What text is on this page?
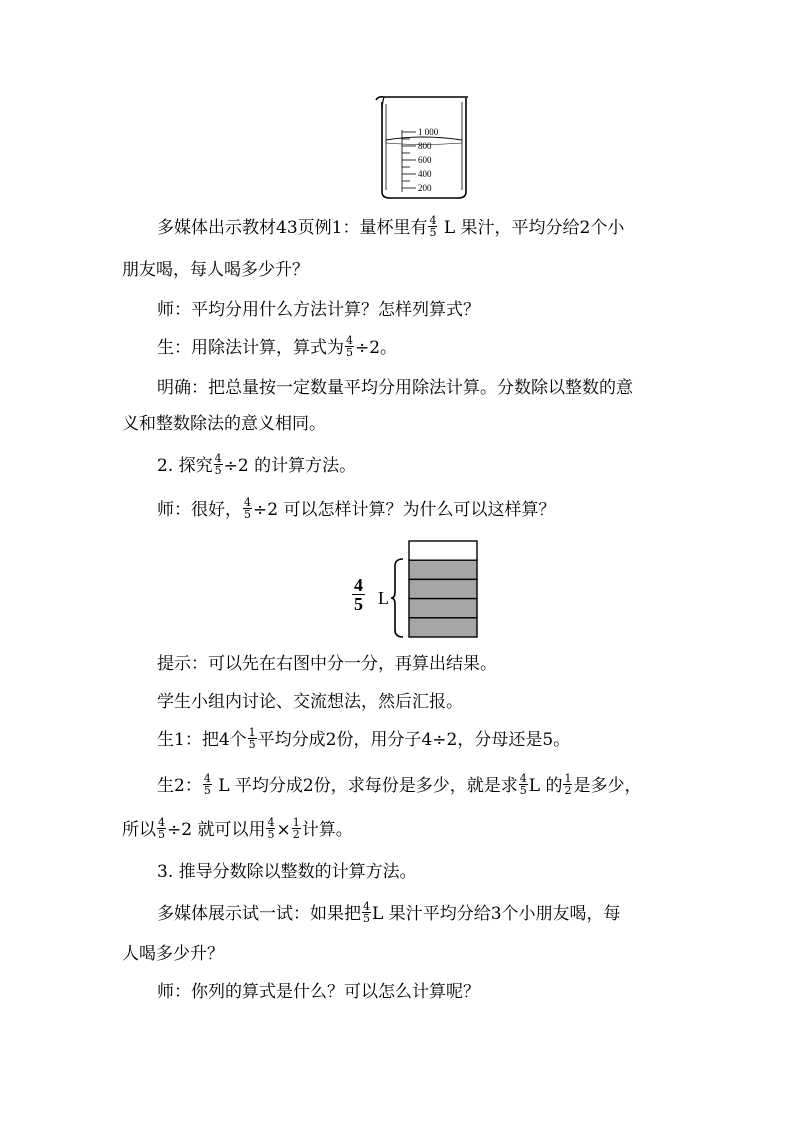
1 000
800
600
400
200
多媒体出示教材43页例1：量杯里有 $\frac{4}{5}$ L 果汁，平均分给2个小
朋友喝，每人喝多少升？
师：平均分用什么方法计算？怎样列算式？
生：用除法计算，算式为 $\frac{4}{5} \div 2$。
明确：把总量按一定数量平均分用除法计算。分数除以整数的意
义和整数除法的意义相同。
2. 探究 $\frac{4}{5} \div 2$ 的计算方法。
师：很好， $\frac{4}{5} \div 2$ 可以怎样计算？为什么可以这样算？
4
5 L
提示：可以先在右图中分一分，再算出结果。
学生小组内讨论、交流想法，然后汇报。
生1：把4个 $\frac{1}{5}$ 平均分成2份，用分子4÷2，分母还是5。
生2： $\frac{4}{5}$ L 平均分成2份，求每份是多少，就是求 $\frac{4}{5}$ L 的 $\frac{1}{2}$ 是多少，
所以 $\frac{4}{5} \div 2$ 就可以用 $\frac{4}{5} \times \frac{1}{2}$ 计算。
3. 推导分数除以整数的计算方法。
多媒体展示试一试：如果把 $\frac{4}{5}$ L 果汁平均分给3个小朋友喝，每
人喝多少升？
师：你列的算式是什么？可以怎么计算呢？
